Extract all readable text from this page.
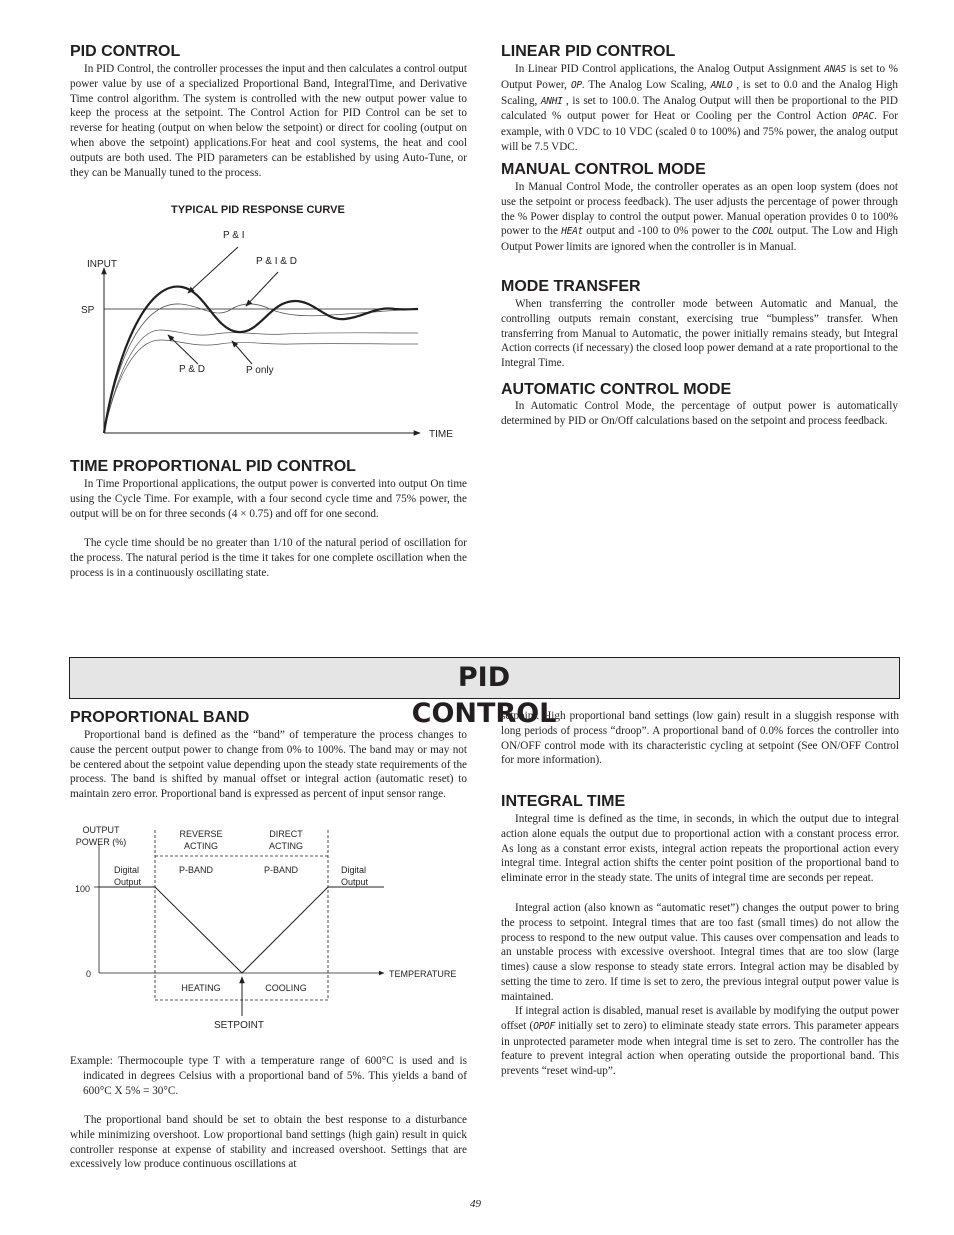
PID CONTROL

In PID Control, the controller processes the input and then calculates a control output power value by use of a specialized Proportional Band, IntegralTime, and Derivative Time control algorithm. The system is controlled with the new output power value to keep the process at the setpoint. The Control Action for PID Control can be set to reverse for heating (output on when below the setpoint) or direct for cooling (output on when above the setpoint) applications.For heat and cool systems, the heat and cool outputs are both used. The PID parameters can be established by using Auto-Tune, or they can be Manually tuned to the process.

TYPICAL PID RESPONSE CURVE
INPUT
SP
TIME
P & I
P & I & D
P & D	P only
TIME PROPORTIONAL PID CONTROL

In Time Proportional applications, the output power is converted into output On time using the Cycle Time. For example, with a four second cycle time and 75% power, the output will be on for three seconds (4 × 0.75) and off for one second.

The cycle time should be no greater than 1/10 of the natural period of oscillation for the process. The natural period is the time it takes for one complete oscillation when the process is in a continuously oscillating state.

LINEAR PID CONTROL

In Linear PID Control applications, the Analog Output Assignment ANAS is set to % Output Power, OP. The Analog Low Scaling, ANLO , is set to 0.0 and the Analog High Scaling, ANHI , is set to 100.0. The Analog Output will then be proportional to the PID calculated % output power for Heat or Cooling per the Control Action OPAC. For example, with 0 VDC to 10 VDC (scaled 0 to 100%) and 75% power, the analog output will be 7.5 VDC.

MANUAL CONTROL MODE

In Manual Control Mode, the controller operates as an open loop system (does not use the setpoint or process feedback). The user adjusts the percentage of power through the % Power display to control the output power. Manual operation provides 0 to 100% power to the HEAt output and -100 to 0% power to the COOL output. The Low and High Output Power limits are ignored when the controller is in Manual.

MODE TRANSFER

When transferring the controller mode between Automatic and Manual, the controlling outputs remain constant, exercising true “bumpless” transfer. When transferring from Manual to Automatic, the power initially remains steady, but Integral Action corrects (if necessary) the closed loop power demand at a rate proportional to the Integral Time.

AUTOMATIC CONTROL MODE

In Automatic Control Mode, the percentage of output power is automatically determined by PID or On/Off calculations based on the setpoint and process feedback.

PID CONTROL
PROPORTIONAL BAND

Proportional band is defined as the “band” of temperature the process changes to cause the percent output power to change from 0% to 100%. The band may or may not be centered about the setpoint value depending upon the steady state requirements of the process. The band is shifted by manual offset or integral action (automatic reset) to maintain zero error. Proportional band is expressed as percent of input sensor range.

OUTPUT
POWER (%)
REVERSE
ACTING
DIRECT
ACTING
Digital
Output
Digital
Output
P-BAND	P-BAND
100
0	TEMPERATURE
HEATING	COOLING
SETPOINT

Example: Thermocouple type T with a temperature range of 600°C is used and is indicated in degrees Celsius with a proportional band of 5%. This yields a band of 600°C X 5% = 30°C.

The proportional band should be set to obtain the best response to a disturbance while minimizing overshoot. Low proportional band settings (high gain) result in quick controller response at expense of stability and increased overshoot. Settings that are excessively low produce continuous oscillations at

setpoint. High proportional band settings (low gain) result in a sluggish response with long periods of process “droop”. A proportional band of 0.0% forces the controller into ON/OFF control mode with its characteristic cycling at setpoint (See ON/OFF Control for more information).

INTEGRAL TIME

Integral time is defined as the time, in seconds, in which the output due to integral action alone equals the output due to proportional action with a constant process error. As long as a constant error exists, integral action repeats the proportional action every integral time. Integral action shifts the center point position of the proportional band to eliminate error in the steady state. The units of integral time are seconds per repeat.

Integral action (also known as “automatic reset”) changes the output power to bring the process to setpoint. Integral times that are too fast (small times) do not allow the process to respond to the new output value. This causes over compensation and leads to an unstable process with excessive overshoot. Integral times that are too slow (large times) cause a slow response to steady state errors. Integral action may be disabled by setting the time to zero. If time is set to zero, the previous integral output power value is maintained.

If integral action is disabled, manual reset is available by modifying the output power offset (OPOF initially set to zero) to eliminate steady state errors. This parameter appears in unprotected parameter mode when integral time is set to zero. The controller has the feature to prevent integral action when operating outside the proportional band. This prevents “reset wind-up”.

49
